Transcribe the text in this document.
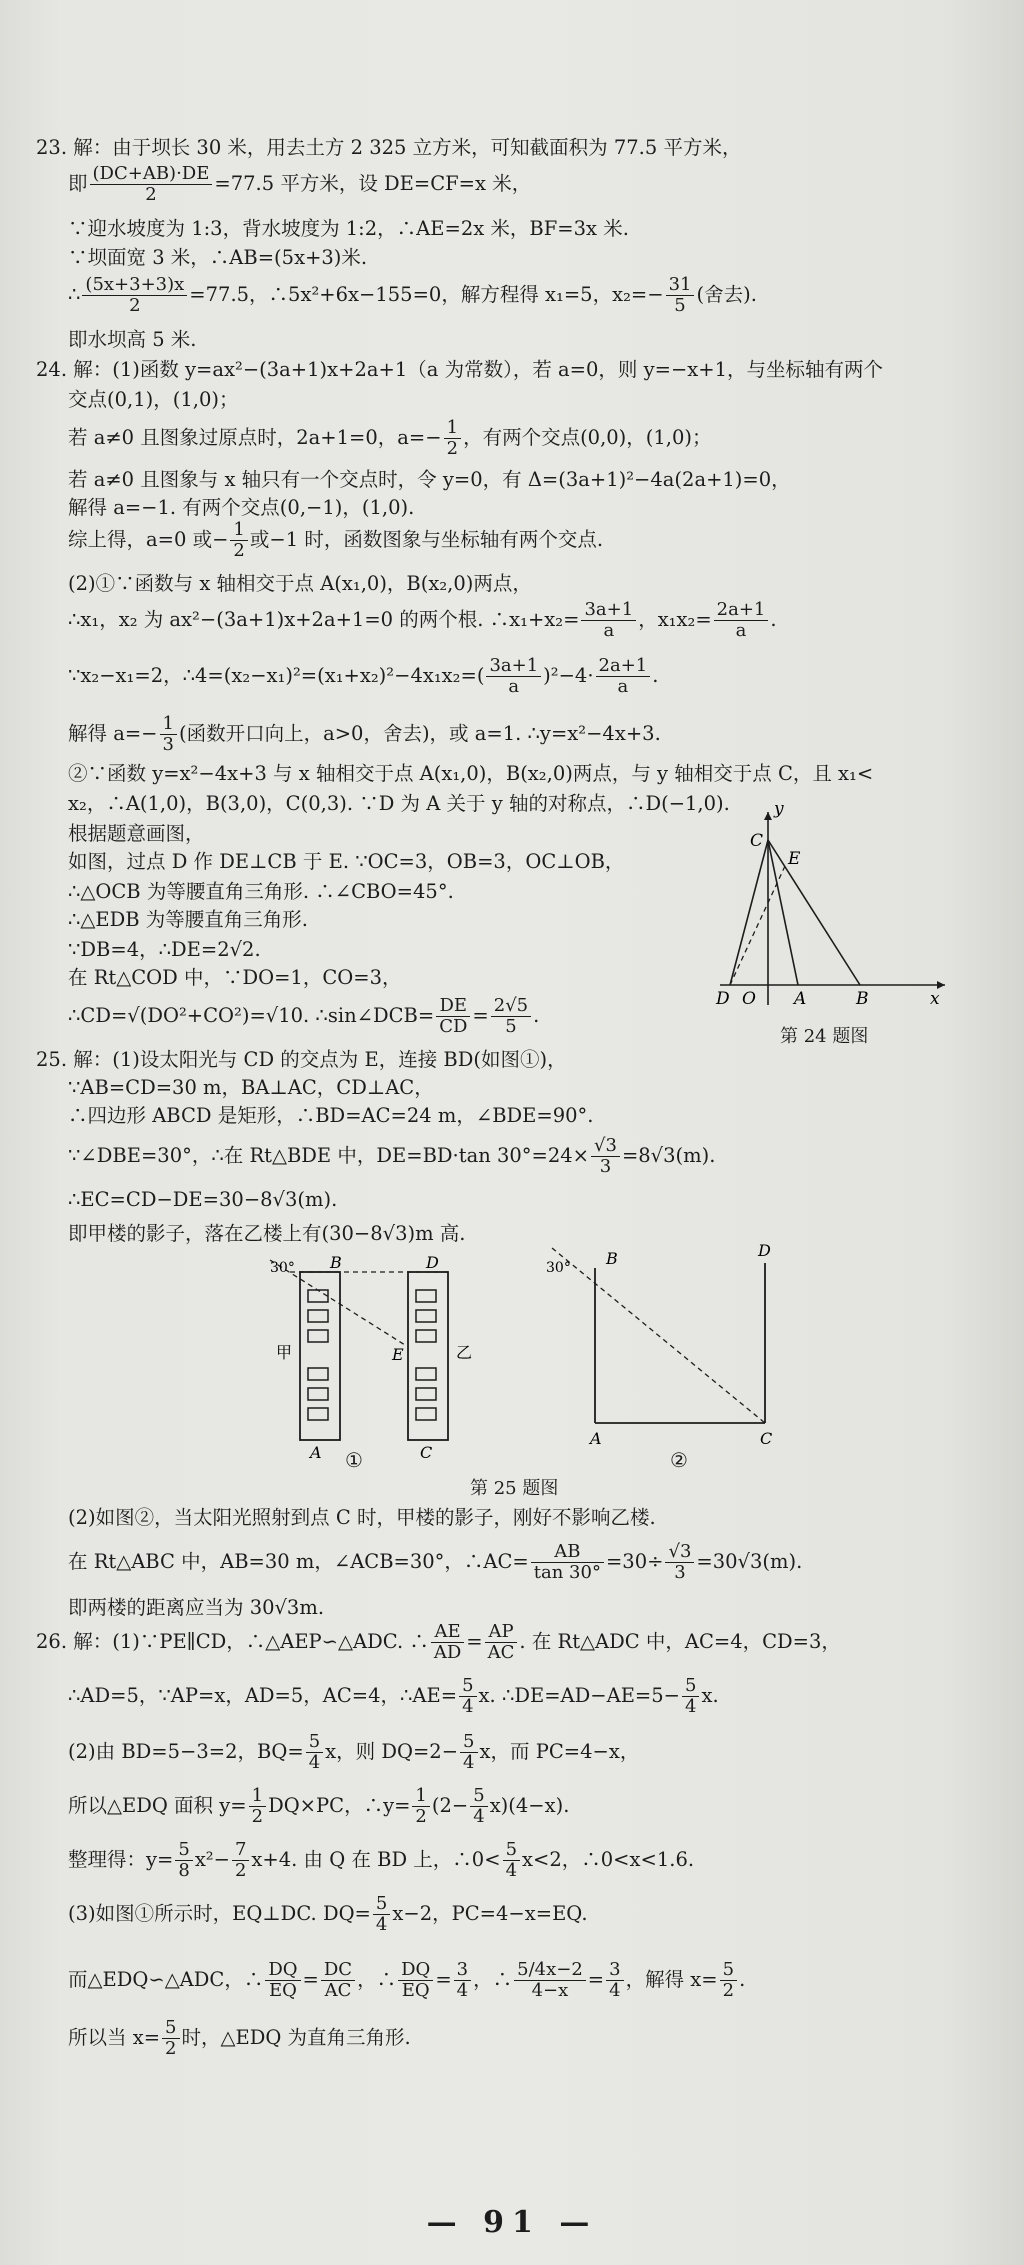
23. 解：由于坝长 30 米，用去土方 2 325 立方米，可知截面积为 77.5 平方米，
即 $\frac{(DC+AB)\cdot DE}{2} =77.5$ 平方米，设 DE=CF=x 米，
∵迎水坡度为 1:3，背水坡度为 1:2，∴AE=2x 米，BF=3x 米.
∵坝面宽 3 米，∴AB=(5x+3)米.
∴ $\frac{(5x+3+3)x}{2} =77.5$，∴5x²+6x−155=0，解方程得 x₁=5，$x_2=- \frac{31}{5}$ (舍去).
即水坝高 5 米.
24. 解：(1)函数 y=ax²−(3a+1)x+2a+1（a 为常数），若 a=0，则 y=−x+1，与坐标轴有两个
交点(0,1)，(1,0)；
若 a≠0 且图象过原点时，2a+1=0，$a=- \frac{1}{2}$ ，有两个交点(0,0)，(1,0)；
若 a≠0 且图象与 x 轴只有一个交点时，令 y=0，有 Δ=(3a+1)²−4a(2a+1)=0，
解得 a=−1. 有两个交点(0,−1)，(1,0).
综上得，a=0 或− $\frac{1}{2}$ 或−1 时，函数图象与坐标轴有两个交点.
(2)①∵函数与 x 轴相交于点 A(x₁,0)，B(x₂,0)两点，
∴x₁，x₂ 为 ax²−(3a+1)x+2a+1=0 的两个根. ∴x₁+x₂= $\frac{3a+1}{a}$ ，$x_1x_2= \frac{2a+1}{a}$ .
∵x₂−x₁=2，∴4=(x₂−x₁)²=(x₁+x₂)²−4x₁x₂=( $\frac{3a+1}{a} )^2-4\cdot \frac{2a+1}{a}$ .
解得 $a=- \frac{1}{3}$ (函数开口向上，a>0，舍去)，或 a=1. ∴y=x²−4x+3.
②∵函数 y=x²−4x+3 与 x 轴相交于点 A(x₁,0)，B(x₂,0)两点，与 y 轴相交于点 C，且 x₁<
x₂，∴A(1,0)，B(3,0)，C(0,3). ∵D 为 A 关于 y 轴的对称点，∴D(−1,0).
根据题意画图，
如图，过点 D 作 DE⊥CB 于 E. ∵OC=3，OB=3，OC⊥OB，
∴△OCB 为等腰直角三角形. ∴∠CBO=45°.
∴△EDB 为等腰直角三角形.
∵DB=4，∴DE=2√2.
在 Rt△COD 中，∵DO=1，CO=3，
∴CD=√(DO²+CO²)=√10. ∴sin∠DCB= $\frac{DE}{CD} = \frac{2√5}{5}$ .
y
C
E
D O A	B	x
第 24 题图
25. 解：(1)设太阳光与 CD 的交点为 E，连接 BD(如图①)，
∵AB=CD=30 m，BA⊥AC，CD⊥AC，
∴四边形 ABCD 是矩形，∴BD=AC=24 m，∠BDE=90°.
∵∠DBE=30°，∴在 Rt△BDE 中，DE=BD·tan $30^\circ=24\times \frac{√3}{3} =8√3(m)$.
∴EC=CD−DE=30−8√3(m).
即甲楼的影子，落在乙楼上有(30−8√3)m 高.
30° B	D
E
甲	乙
A	C
①
30° B	D
A	C
②
第 25 题图
(2)如图②，当太阳光照射到点 C 时，甲楼的影子，刚好不影响乙楼.
在 Rt△ABC 中，AB=30 m，∠ACB=30°，∴AC= $\frac{AB}{\tan 30^\circ} =30\div \frac{√3}{3} =30√3(m)$.
即两楼的距离应当为 30√3m.
26. 解：(1)∵PE∥CD，∴△AEP∽△ADC. ∴ $\frac{AE}{AD} = \frac{AP}{AC}$ . 在 Rt△ADC 中，AC=4，CD=3，
∴AD=5，∵AP=x，AD=5，AC=4，∴AE= $\frac{5}{4} x$. ∴DE=AD−AE=5− $\frac{5}{4} x$.
(2)由 BD=5−3=2，$BQ= \frac{5}{4}$ x，则 $DQ=2- \frac{5}{4}$ x，而 PC=4−x，
所以△EDQ 面积 $y= \frac{1}{2} DQ\times PC$，∴y= $\frac{1}{2} (2- \frac{5}{4} x)(4-x)$.
整理得：$y= \frac{5}{8} x^2- \frac{7}{2} x+4$. 由 Q 在 BD 上，∴0< $\frac{5}{4} x<2$，∴0<x<1.6.
(3)如图①所示时，EQ⊥DC. $DQ= \frac{5}{4} x-2$，PC=4−x=EQ.
而△EDQ∽△ADC，∴ $\frac{DQ}{EQ} = \frac{DC}{AC}$ ，∴ $\frac{DQ}{EQ} = \frac{3}{4}$ ，∴ $\frac{5/4x-2}{4-x} = \frac{3}{4}$ ，解得 $x= \frac{5}{2}$ .
所以当 $x= \frac{5}{2}$ 时，△EDQ 为直角三角形.
— 91 —
